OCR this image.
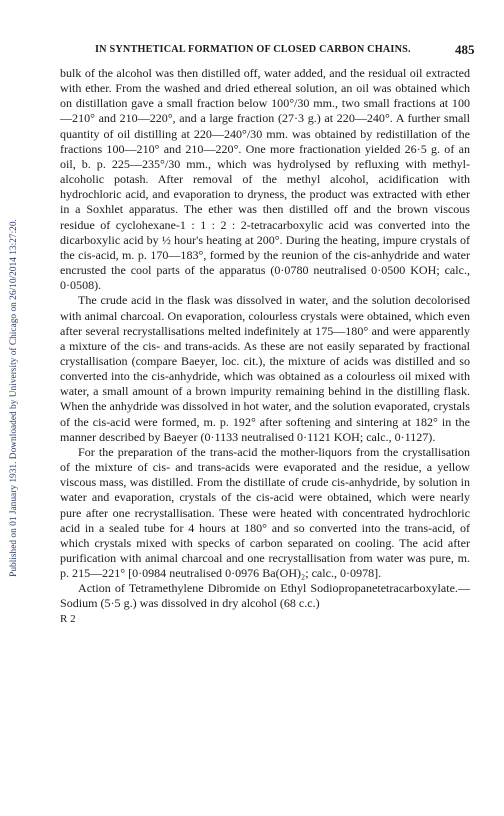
IN SYNTHETICAL FORMATION OF CLOSED CARBON CHAINS.	485
Published on 01 January 1931. Downloaded by University of Chicago on 26/10/2014 13:27:20.

bulk of the alcohol was then distilled off, water added, and the residual oil extracted with ether. From the washed and dried ethereal solution, an oil was obtained which on distillation gave a small fraction below 100°/30 mm., two small fractions at 100—210° and 210—220°, and a large fraction (27·3 g.) at 220—240°. A further small quantity of oil distilling at 220—240°/30 mm. was obtained by redistillation of the fractions 100—210° and 210—220°. One more fractionation yielded 26·5 g. of an oil, b. p. 225—235°/30 mm., which was hydrolysed by refluxing with methyl-alcoholic potash. After removal of the methyl alcohol, acidification with hydrochloric acid, and evaporation to dryness, the product was extracted with ether in a Soxhlet apparatus. The ether was then distilled off and the brown viscous residue of cyclohexane-1 : 1 : 2 : 2-tetracarboxylic acid was converted into the dicarboxylic acid by ½ hour's heating at 200°. During the heating, impure crystals of the cis-acid, m. p. 170—183°, formed by the reunion of the cis-anhydride and water encrusted the cool parts of the apparatus (0·0780 neutralised 0·0500 KOH; calc., 0·0508).

The crude acid in the flask was dissolved in water, and the solution decolorised with animal charcoal. On evaporation, colourless crystals were obtained, which even after several recrystallisations melted indefinitely at 175—180° and were apparently a mixture of the cis- and trans-acids. As these are not easily separated by fractional crystallisation (compare Baeyer, loc. cit.), the mixture of acids was distilled and so converted into the cis-anhydride, which was obtained as a colourless oil mixed with water, a small amount of a brown impurity remaining behind in the distilling flask. When the anhydride was dissolved in hot water, and the solution evaporated, crystals of the cis-acid were formed, m. p. 192° after softening and sintering at 182° in the manner described by Baeyer (0·1133 neutralised 0·1121 KOH; calc., 0·1127).

For the preparation of the trans-acid the mother-liquors from the crystallisation of the mixture of cis- and trans-acids were evaporated and the residue, a yellow viscous mass, was distilled. From the distillate of crude cis-anhydride, by solution in water and evaporation, crystals of the cis-acid were obtained, which were nearly pure after one recrystallisation. These were heated with concentrated hydrochloric acid in a sealed tube for 4 hours at 180° and so converted into the trans-acid, of which crystals mixed with specks of carbon separated on cooling. The acid after purification with animal charcoal and one recrystallisation from water was pure, m. p. 215—221° [0·0984 neutralised 0·0976 Ba(OH)₂; calc., 0·0978].

Action of Tetramethylene Dibromide on Ethyl Sodiopropanetetracarboxylate.—Sodium (5·5 g.) was dissolved in dry alcohol (68 c.c.)

R 2
